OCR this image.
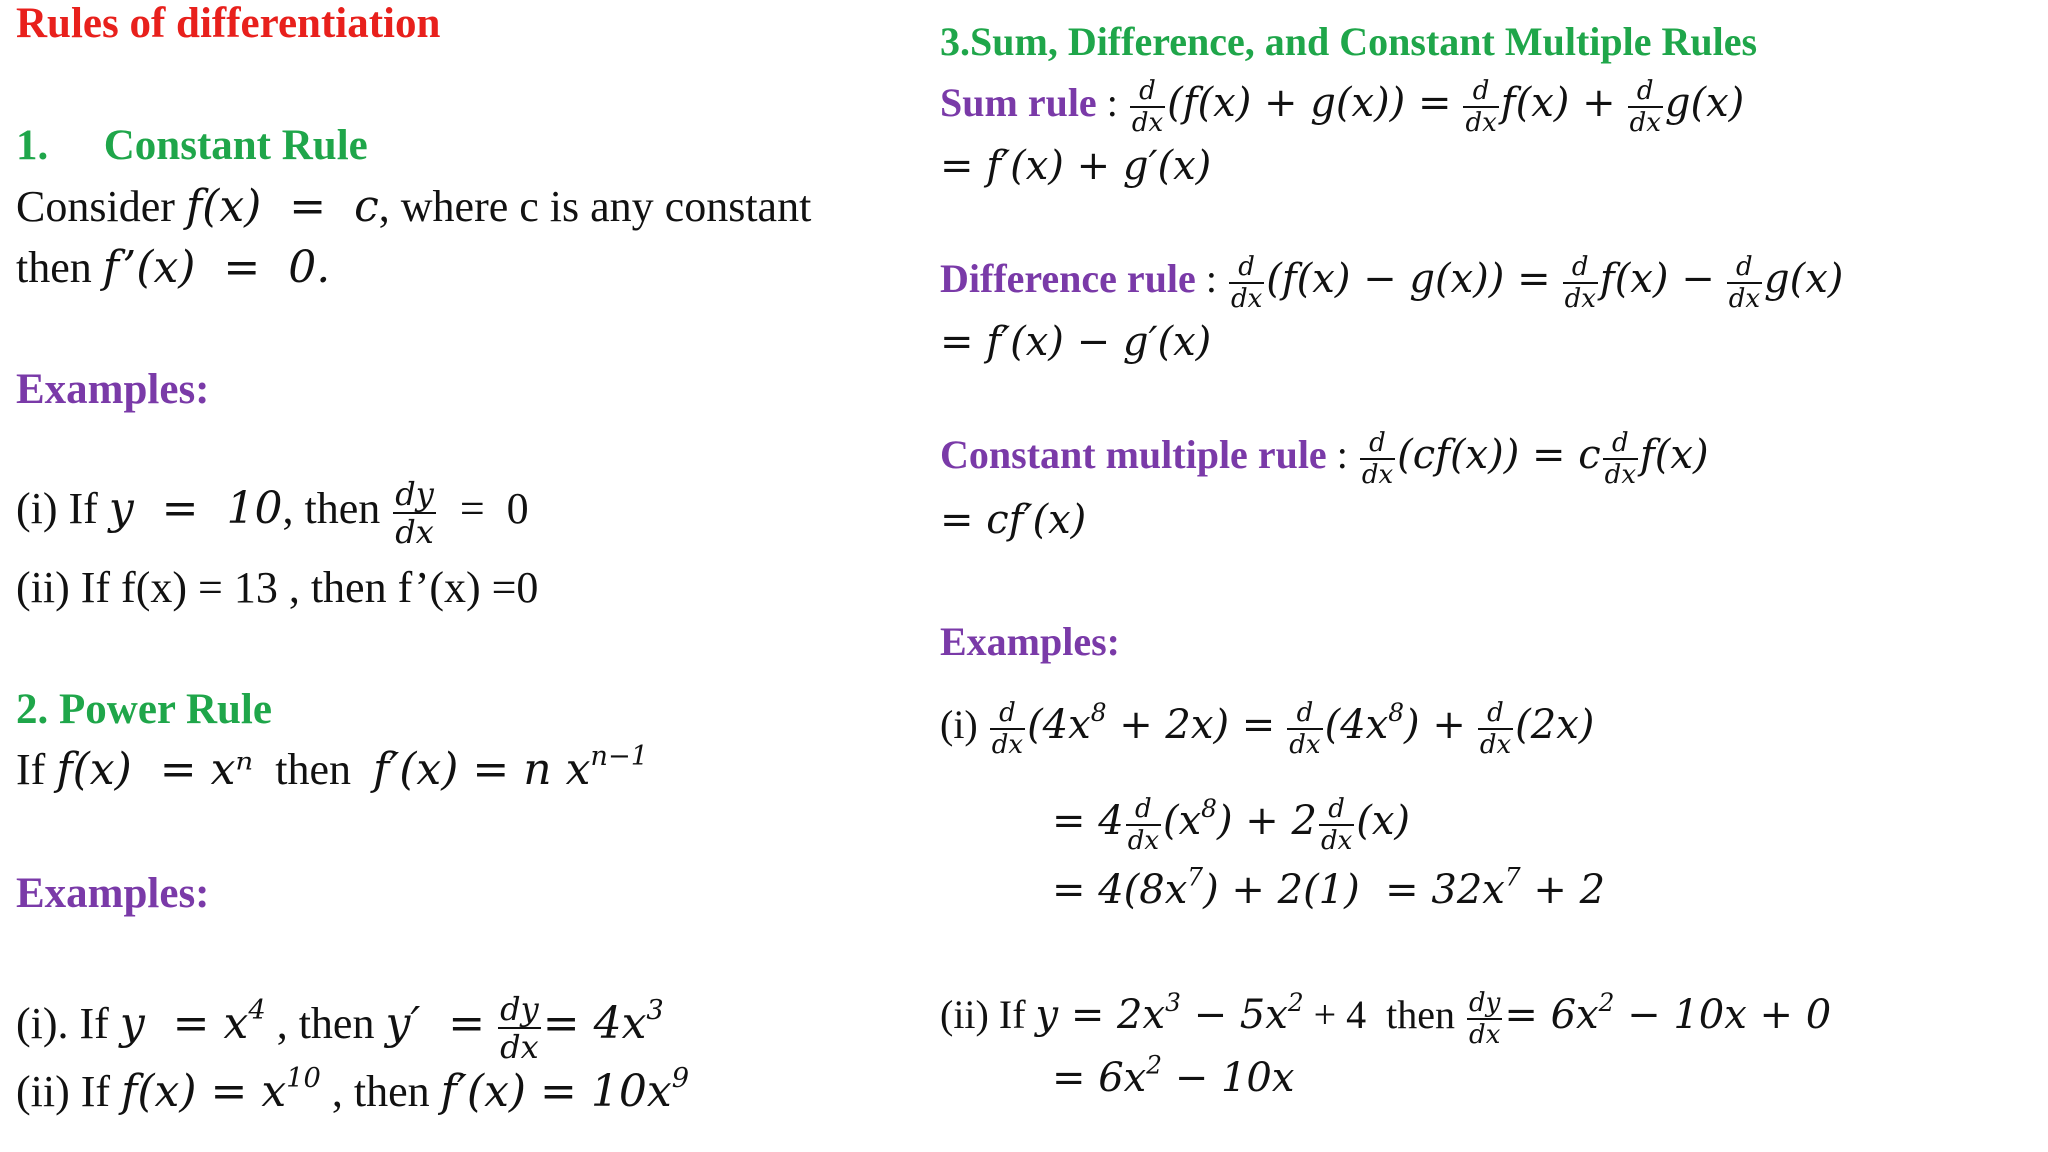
Rules of differentiation
1. Constant Rule
Consider f(x)  =  c, where c is any constant
then f’(x)  =  0.
Examples:
(i) If y  =  10, then $\frac{dy}{dx} = 0$
(ii) If f(x) = 13 , then f’(x) =0
2. Power Rule
If f(x)  = xⁿ  then  f′(x) = n $x^{n-1}$
Examples:
(i). If $y = x^4$ , then $y' = \frac{dy}{dx} = 4x^3$
(ii) If $f(x) = x^{10}$ , then $f'(x) = 10x^9$
3.Sum, Difference, and Constant Multiple Rules
Sum rule : $\frac{d}{dx} (f(x) + g(x)) = \frac{d}{dx} f(x) + \frac{d}{dx} g(x)$
= f′(x) + g′(x)
Difference rule : $\frac{d}{dx} (f(x) - g(x)) = \frac{d}{dx} f(x) - \frac{d}{dx} g(x)$
= f′(x) − g′(x)
Constant multiple rule : $\frac{d}{dx} (cf(x)) = c \frac{d}{dx} f(x)$
= cf′(x)
Examples:
$(i) \frac{d}{dx} (4x^8 + 2x) = \frac{d}{dx} (4x^8) + \frac{d}{dx} (2x)$
= $4 \frac{d}{dx} (x^8) + 2 \frac{d}{dx} (x)$
= $4(8x^7) + 2(1) = 32x^7 + 2$
(ii) If $y = 2x^3 - 5x^2 + 4$  then $\frac{dy}{dx} = 6x^2 - 10x + 0$
= $6x^2 - 10x$
